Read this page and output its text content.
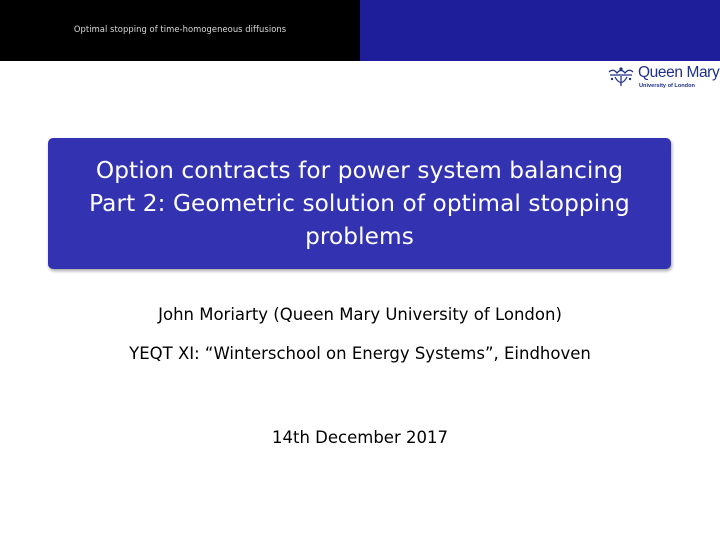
Optimal stopping of time-homogeneous diffusions
Queen Mary
University of London
Option contracts for power system balancing
Part 2: Geometric solution of optimal stopping
problems
John Moriarty (Queen Mary University of London)
YEQT XI: “Winterschool on Energy Systems”, Eindhoven
14th December 2017
